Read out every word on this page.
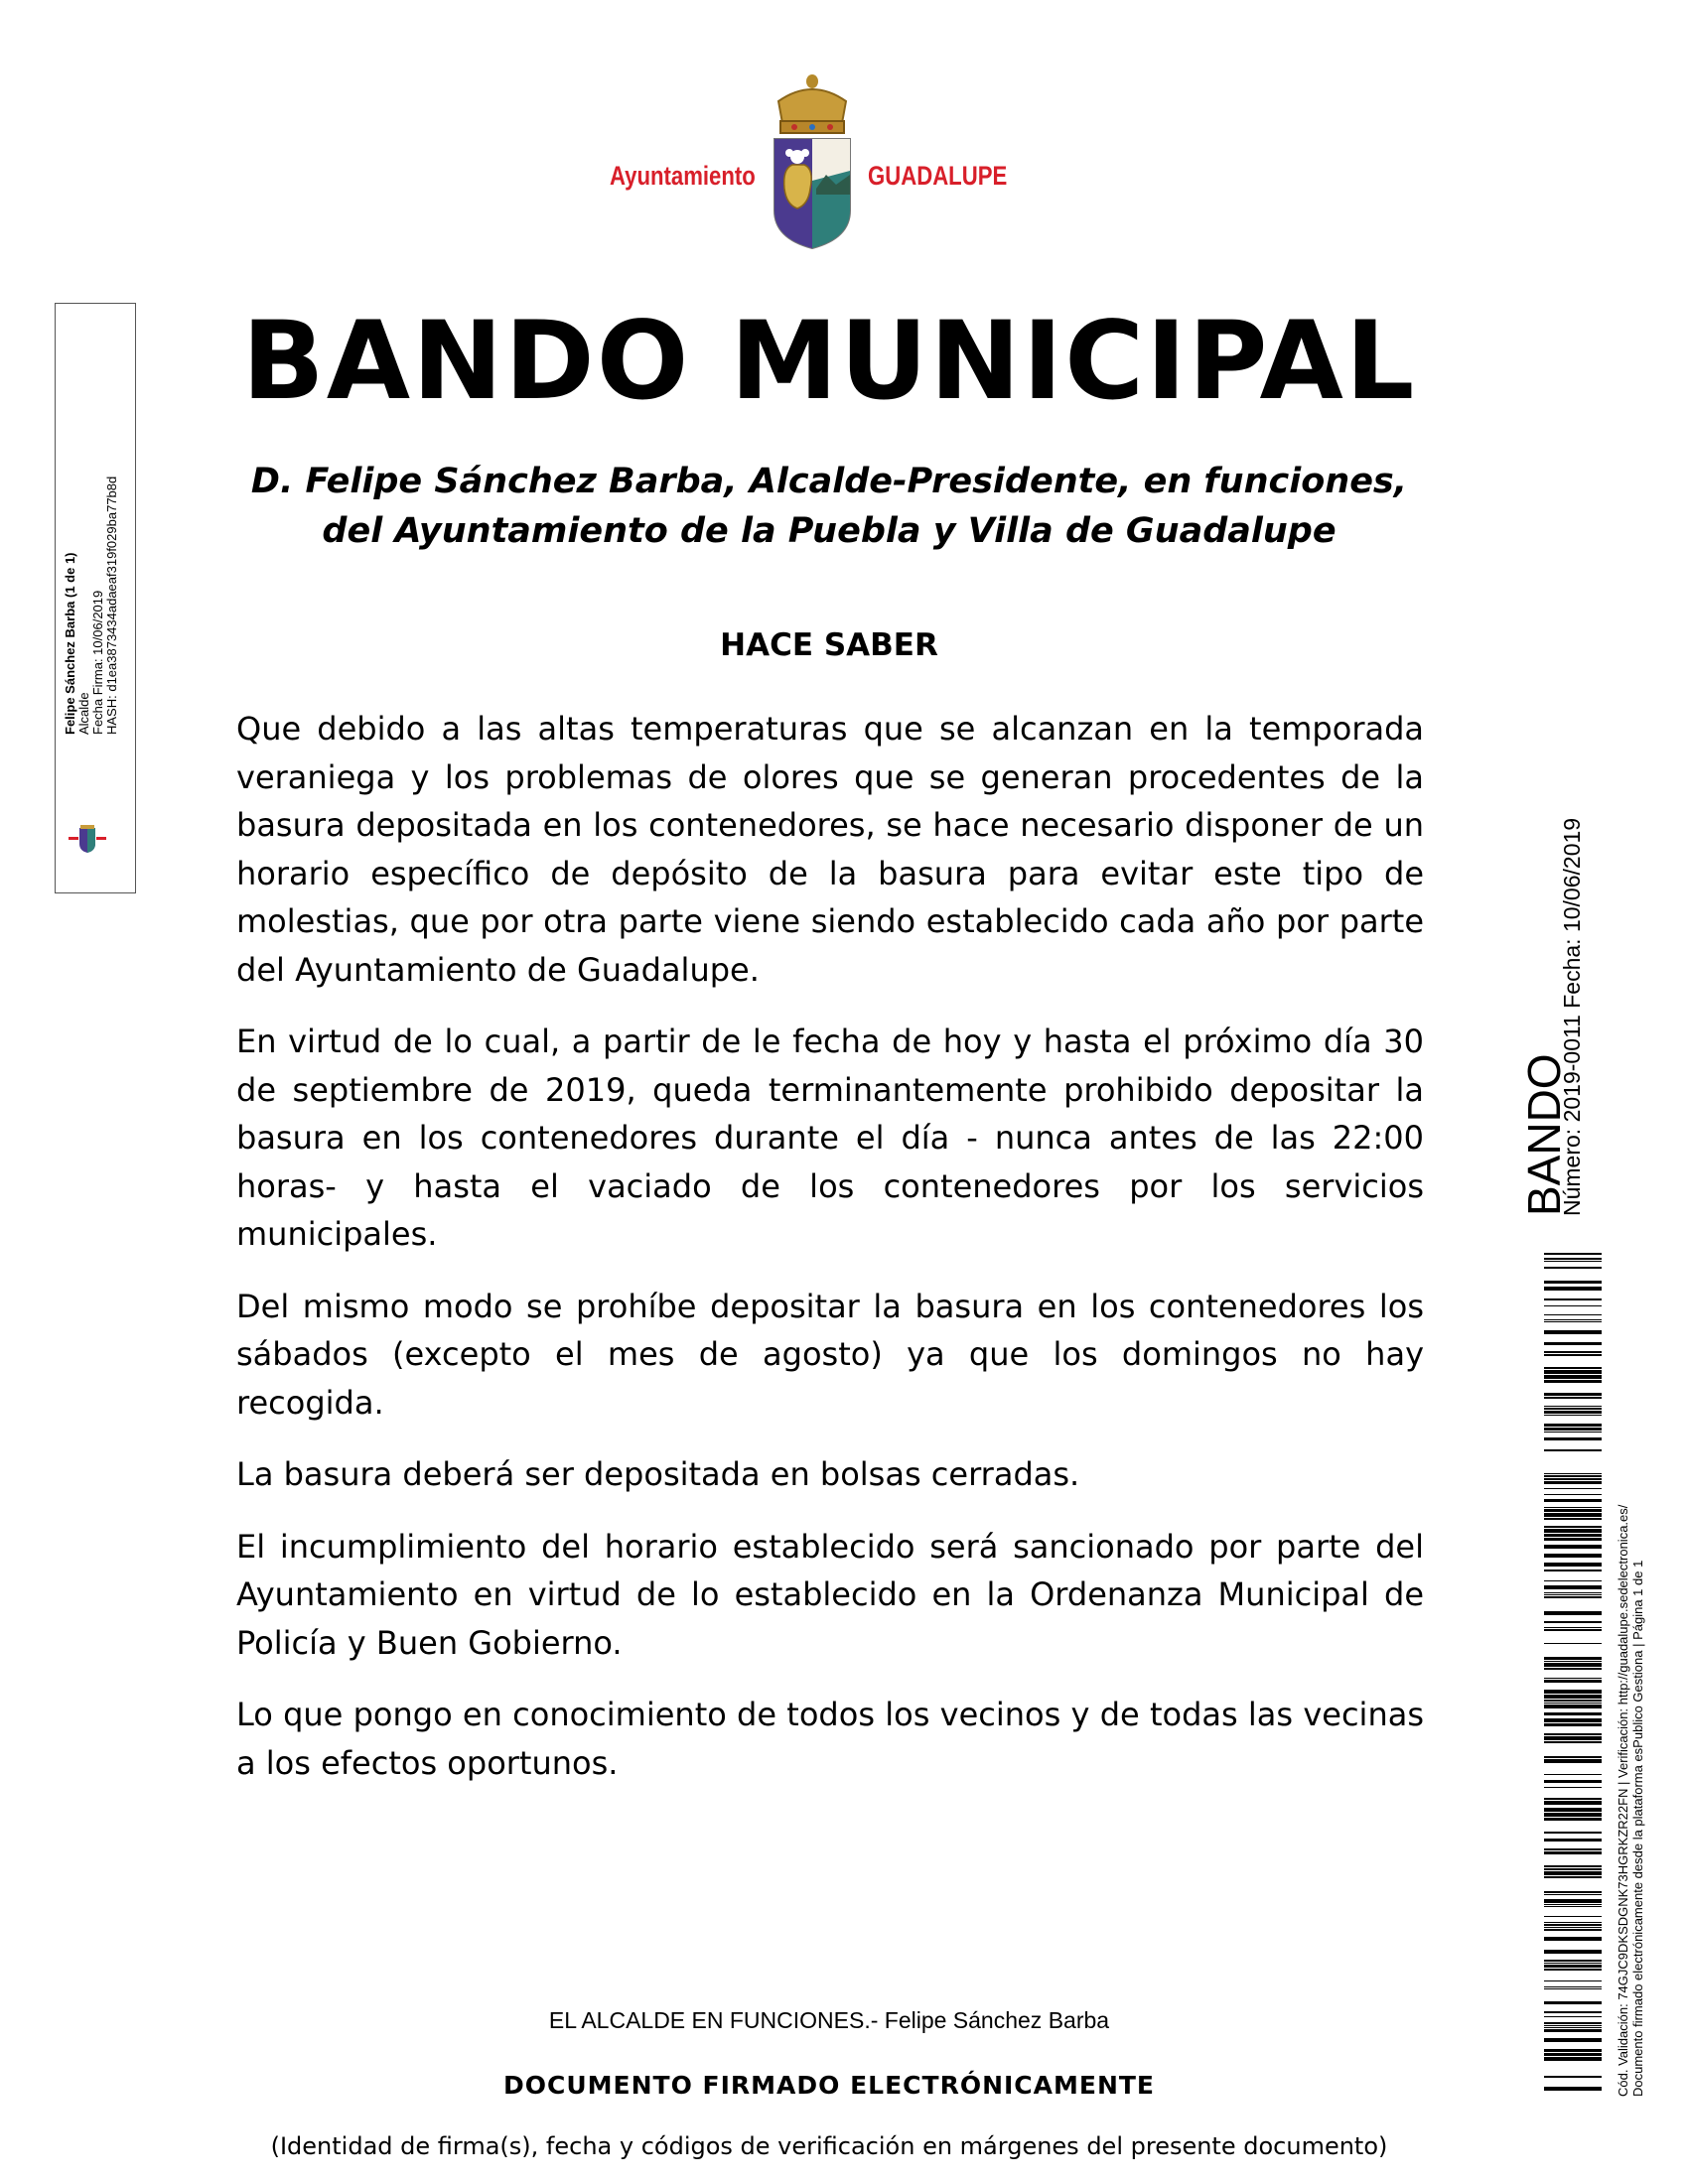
Ayuntamiento	GUADALUPE
BANDO MUNICIPAL
D. Felipe Sánchez Barba, Alcalde-Presidente, en funciones, del Ayuntamiento de la Puebla y Villa de Guadalupe
HACE SABER

Que debido a las altas temperaturas que se alcanzan en la temporada veraniega y los problemas de olores que se generan procedentes de la basura depositada en los contenedores, se hace necesario disponer de un horario específico de depósito de la basura para evitar este tipo de molestias, que por otra parte viene siendo establecido cada año por parte del Ayuntamiento de Guadalupe.

En virtud de lo cual, a partir de le fecha de hoy y hasta el próximo día 30 de septiembre de 2019, queda terminantemente prohibido depositar la basura en los contenedores durante el día - nunca antes de las 22:00 horas- y hasta el vaciado de los contenedores por los servicios municipales.

Del mismo modo se prohíbe depositar la basura en los contenedores los sábados (excepto el mes de agosto) ya que los domingos no hay recogida.

La basura deberá ser depositada en bolsas cerradas.

El incumplimiento del horario establecido será sancionado por parte del Ayuntamiento en virtud de lo establecido en la Ordenanza Municipal de Policía y Buen Gobierno.

Lo que pongo en conocimiento de todos los vecinos y de todas las vecinas a los efectos oportunos.

EL ALCALDE EN FUNCIONES.- Felipe Sánchez Barba
DOCUMENTO FIRMADO ELECTRÓNICAMENTE
(Identidad de firma(s), fecha y códigos de verificación en márgenes del presente documento)
Felipe Sánchez Barba (1 de 1) Alcalde Fecha Firma: 10/06/2019 HASH: d1ea3873434adaeaf319f029ba77b8d
BANDO
Número: 2019-0011 Fecha: 10/06/2019
Cód. Validación: 74GJC9DKSDGNK73HGRKZR22FN | Verificación: http://guadalupe.sedelectronica.es/ Documento firmado electrónicamente desde la plataforma esPublico Gestiona | Página 1 de 1
